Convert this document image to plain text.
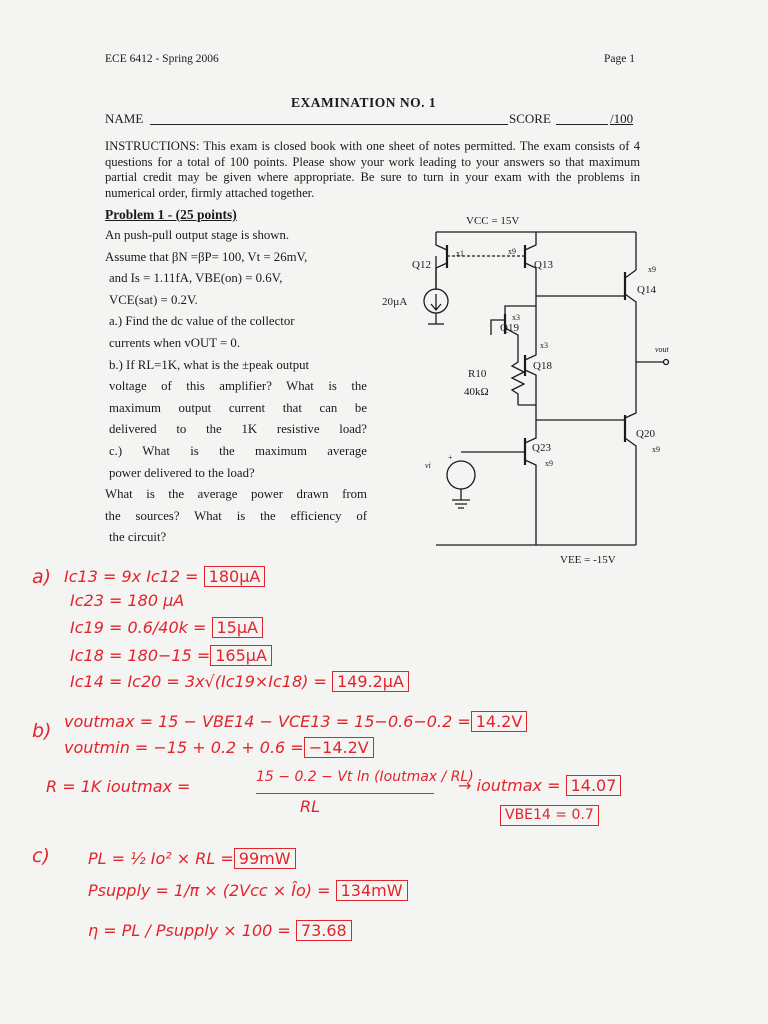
ECE 6412 - Spring 2006	Page 1
EXAMINATION NO. 1
NAME	SCORE	/100
INSTRUCTIONS: This exam is closed book with one sheet of notes permitted. The exam consists of 4 questions for a total of 100 points. Please show your work leading to your answers so that maximum partial credit may be given where appropriate. Be sure to turn in your exam with the problems in numerical order, firmly attached together.
Problem 1 - (25 points)
An push-pull output stage is shown.
Assume that βN =βP= 100, Vt = 26mV,
and Is = 1.11fA, VBE(on) = 0.6V,
VCE(sat) = 0.2V.
a.) Find the dc value of the collector
currents when vOUT = 0.
b.) If RL=1K, what is the ±peak output
voltage of this amplifier? What is the
maximum output current that can be
delivered to the 1K resistive load?
c.) What is the maximum average
power delivered to the load?
What is the average power drawn from
the sources? What is the efficiency of
the circuit?
VCC = 15V
VEE = -15V
Q12
x1
Q13
x9
20µA
Q19
x3
Q18
x3
R10
40kΩ
Q14
x9
vout
Q20
x9
Q23
x9
+
vi
a) Ic13 = 9x Ic12 = 180µA
Ic23 = 180 µA
Ic19 = 0.6/40k = 15µA
Ic18 = 180−15 = 165µA
Ic14 = Ic20 = 3x√(Ic19×Ic18) = 149.2µA
b) voutmax = 15 − VBE14 − VCE13 = 15−0.6−0.2 = 14.2V
voutmin = −15 + 0.2 + 0.6 = −14.2V
R = 1K ioutmax =	15 − 0.2 − Vt ln (Ioutmax / RL)
RL
→ ioutmax = 14.07
VBE14 = 0.7
c) PL = ½ Io² × RL = 99mW
Psupply = 1/π × (2Vcc × Îo) = 134mW
η = PL / Psupply × 100 = 73.68
